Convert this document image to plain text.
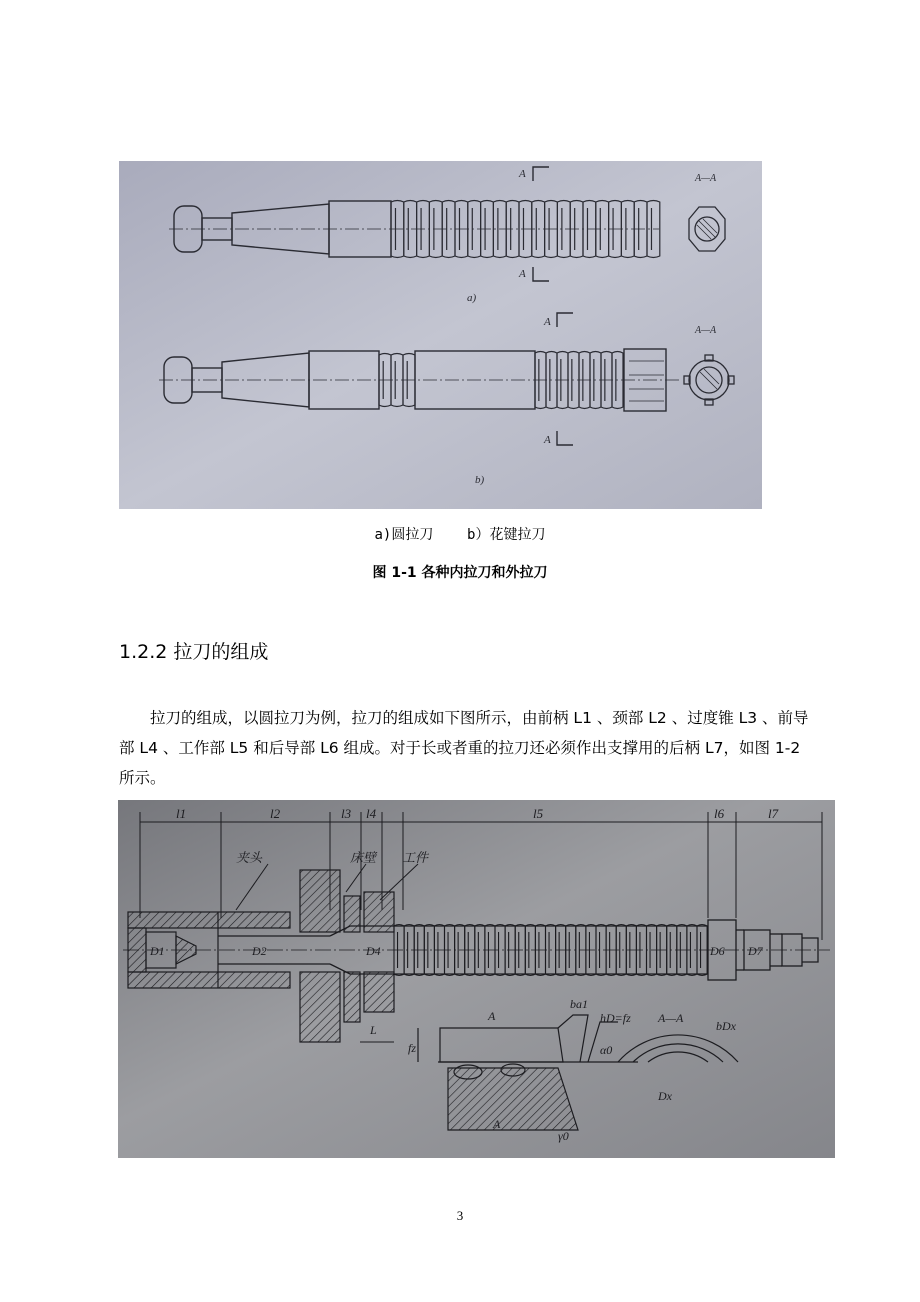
A
A
A
A
A—A
A—A
a)
b)
a)圆拉刀    b）花键拉刀
图 1-1 各种内拉刀和外拉刀
1.2.2 拉刀的组成

拉刀的组成，以圆拉刀为例，拉刀的组成如下图所示，由前柄 L1 、颈部 L2 、过度锥 L3 、前导部 L4 、工作部 L5 和后导部 L6 组成。对于长或者重的拉刀还必须作出支撑用的后柄 L7，如图 1-2 所示。

l1	l2	l3 l4	l5	l6	l7
D1	D2	D4	D6 D7
夹头	床壁 工件
L
A
A
fz
ba1
hD=fz A—A
bDx
α0
γ0
Dx
3
